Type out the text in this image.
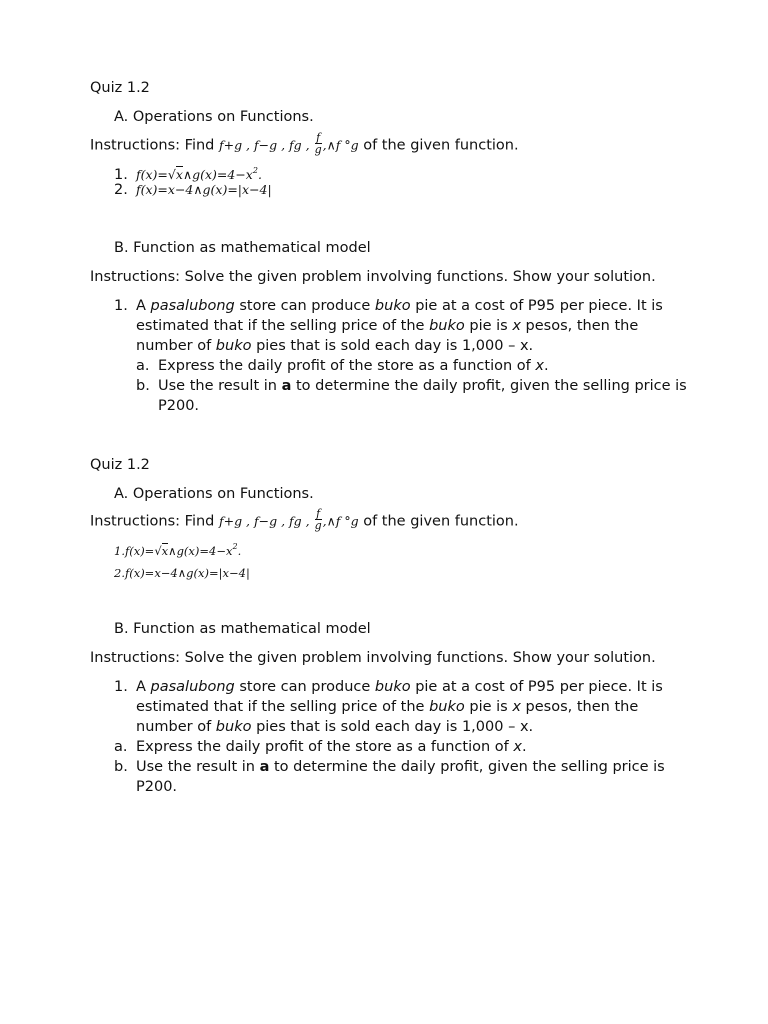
Quiz 1.2
A. Operations on Functions.
Instructions: Find f+g , f−g , fg , $\frac{f}{g}$ ,∧f °g of the given function.
1. $f(x)=√x\wedge g(x)=4-x^2$.
2. f(x)=x−4∧g(x)=|x−4|
B. Function as mathematical model
Instructions: Solve the given problem involving functions. Show your solution.
1. A pasalubong store can produce buko pie at a cost of P95 per piece. It is
estimated that if the selling price of the buko pie is x pesos, then the
number of buko pies that is sold each day is 1,000 – x.
a. Express the daily profit of the store as a function of x.
b. Use the result in a to determine the daily profit, given the selling price is
P200.
Quiz 1.2
A. Operations on Functions.
Instructions: Find f+g , f−g , fg , $\frac{f}{g}$ ,∧f °g of the given function.
$1.f(x)=√x\wedge g(x)=4-x^2$.
2.f(x)=x−4∧g(x)=|x−4|
B. Function as mathematical model
Instructions: Solve the given problem involving functions. Show your solution.
1. A pasalubong store can produce buko pie at a cost of P95 per piece. It is
estimated that if the selling price of the buko pie is x pesos, then the
number of buko pies that is sold each day is 1,000 – x.
a. Express the daily profit of the store as a function of x.
b. Use the result in a to determine the daily profit, given the selling price is
P200.
